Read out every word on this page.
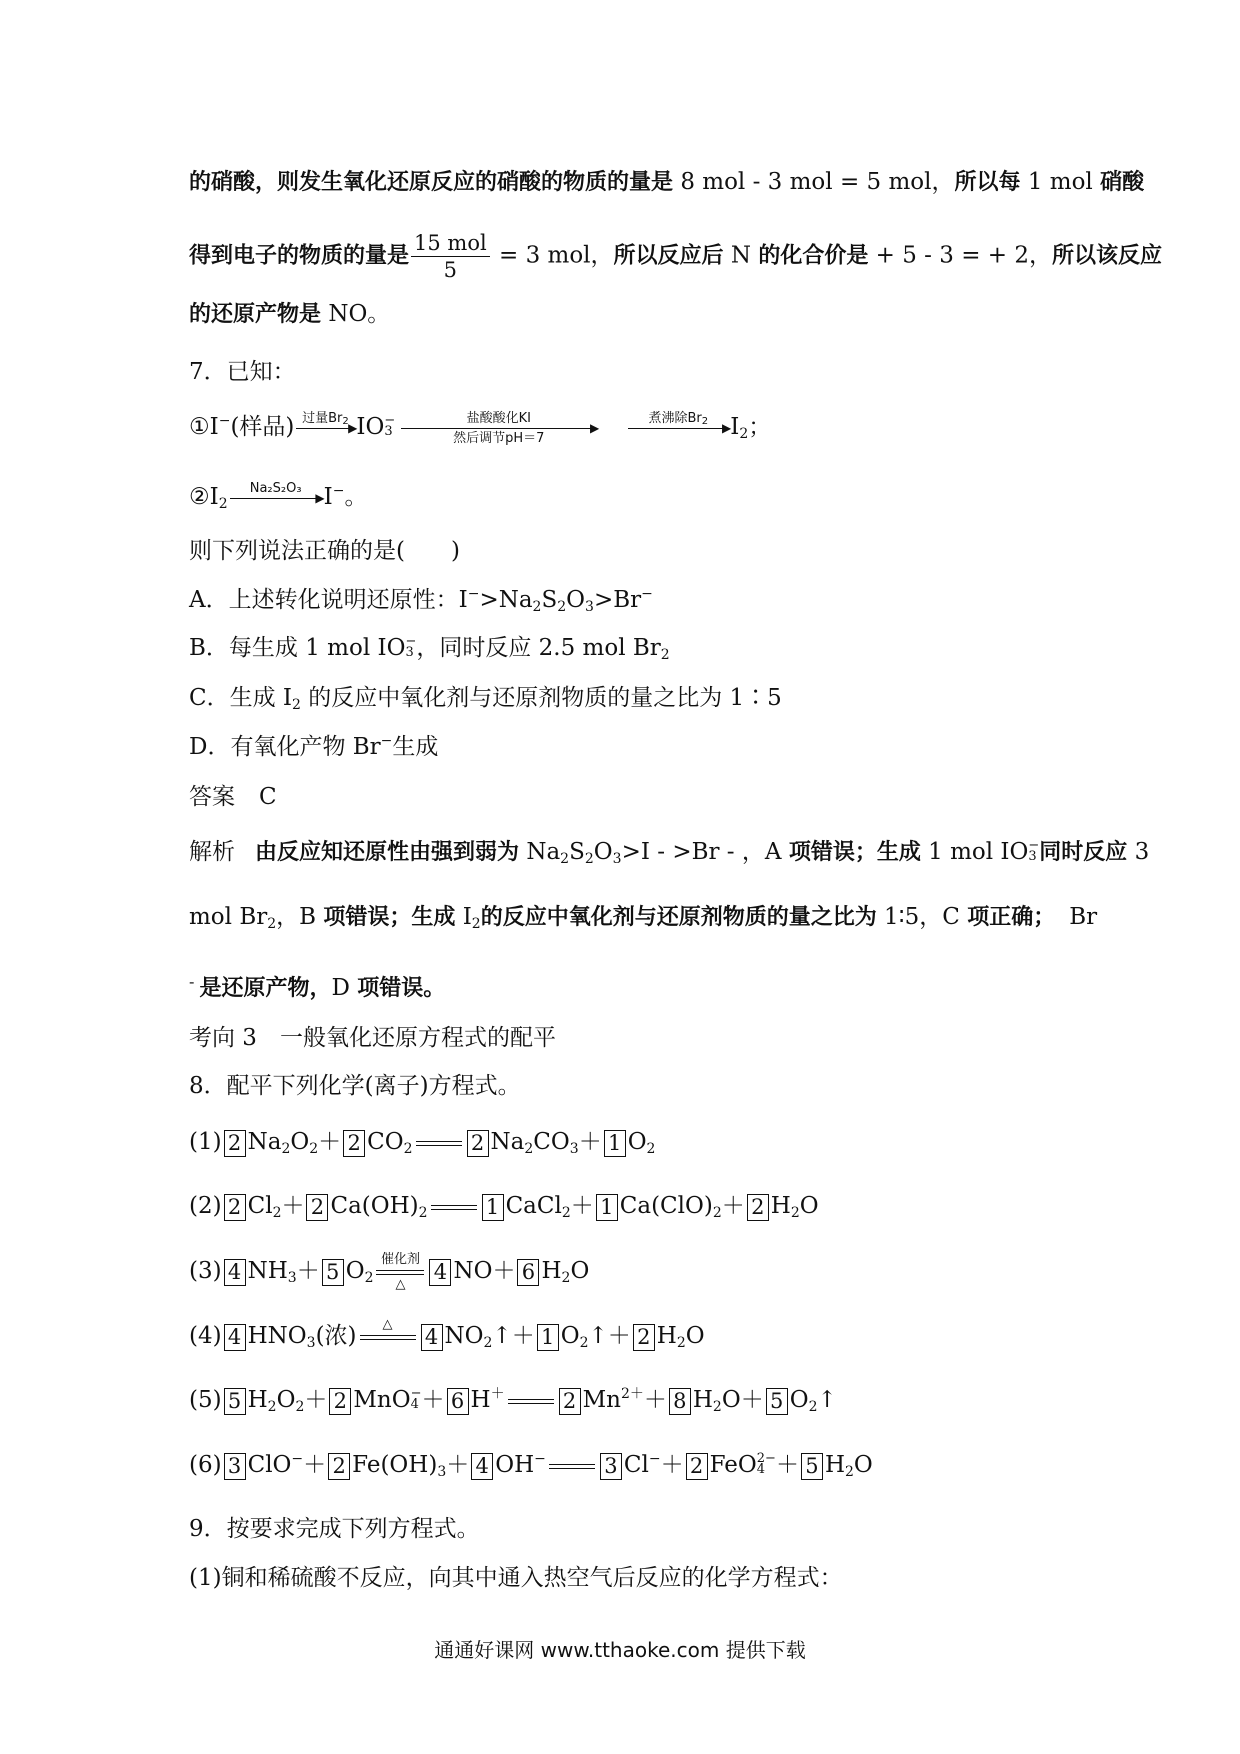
的硝酸，则发生氧化还原反应的硝酸的物质的量是 8 mol - 3 mol = 5 mol，所以每 1 mol 硝酸
得到电子的物质的量是 $\frac{\text{15 mol}}{5} = 3$ mol，所以反应后 N 的化合价是 + 5 - 3 = + 2，所以该反应
的还原产物是 NO。
7．已知：
①I−(样品) 过量$Br_2$ ▶ IO −
3
盐酸酸化KI
▶
然后调节pH＝7
煮沸除$Br_2$	▶ $I_2$；
$②I_2$
Na₂S₂O₃
▶ I−。
则下列说法正确的是(　　)
A．上述转化说明还原性：$I^->Na_2S_2O_3>Br^-$
B．每生成 1 mol IO −
3 ，同时反应 2.5 mol $Br_2$
C．生成 $I_2$ 的反应中氧化剂与还原剂物质的量之比为 1∶5
D．有氧化产物 Br−生成
答案 C
解析 由反应知还原性由强到弱为 $Na_2S_2O_3>I - >Br$ - ，A 项错误；生成 1 mol IO −
3 同时反应 3
mol $Br_2$，B 项错误；生成 $I_2$的反应中氧化剂与还原剂物质的量之比为 1∶5，C 项正确； Br
- 是还原产物，D 项错误。
考向 3　一般氧化还原方程式的配平
8．配平下列化学(离子)方程式。
(1) 2 $Na_2O_2+ 2$ $CO_2$	2 $Na_2CO_3+ 1$ $O_2$
(2) 2 $Cl_2+ 2$ $Ca(OH)_2$	1 CaCl$_2$＋ 1 $Ca(ClO)_2+ 2$ $H_2O$
(3) 4 $NH_3+ 5$ $O_2$
催化剂
△
4 NO＋ 6 $H_2O$
(4) 4 $HNO_3$(浓)	△
4 $NO_2↑+ 1$ $O_2↑+ 2$ $H_2O$
(5) 5 $H_2O_2+ 2$ MnO −
4 ＋ 6 H＋	2 $Mn^{2+}+ 8$ $H_2O+ 5$ $O_2↑$
(6) 3 ClO−＋ 2 $Fe(OH)_3+ 4$ OH−	3 Cl−＋ 2 FeO 2−
4 ＋ 5 $H_2O$
9．按要求完成下列方程式。
(1)铜和稀硫酸不反应，向其中通入热空气后反应的化学方程式：
通通好课网 www.tthaoke.com 提供下载
